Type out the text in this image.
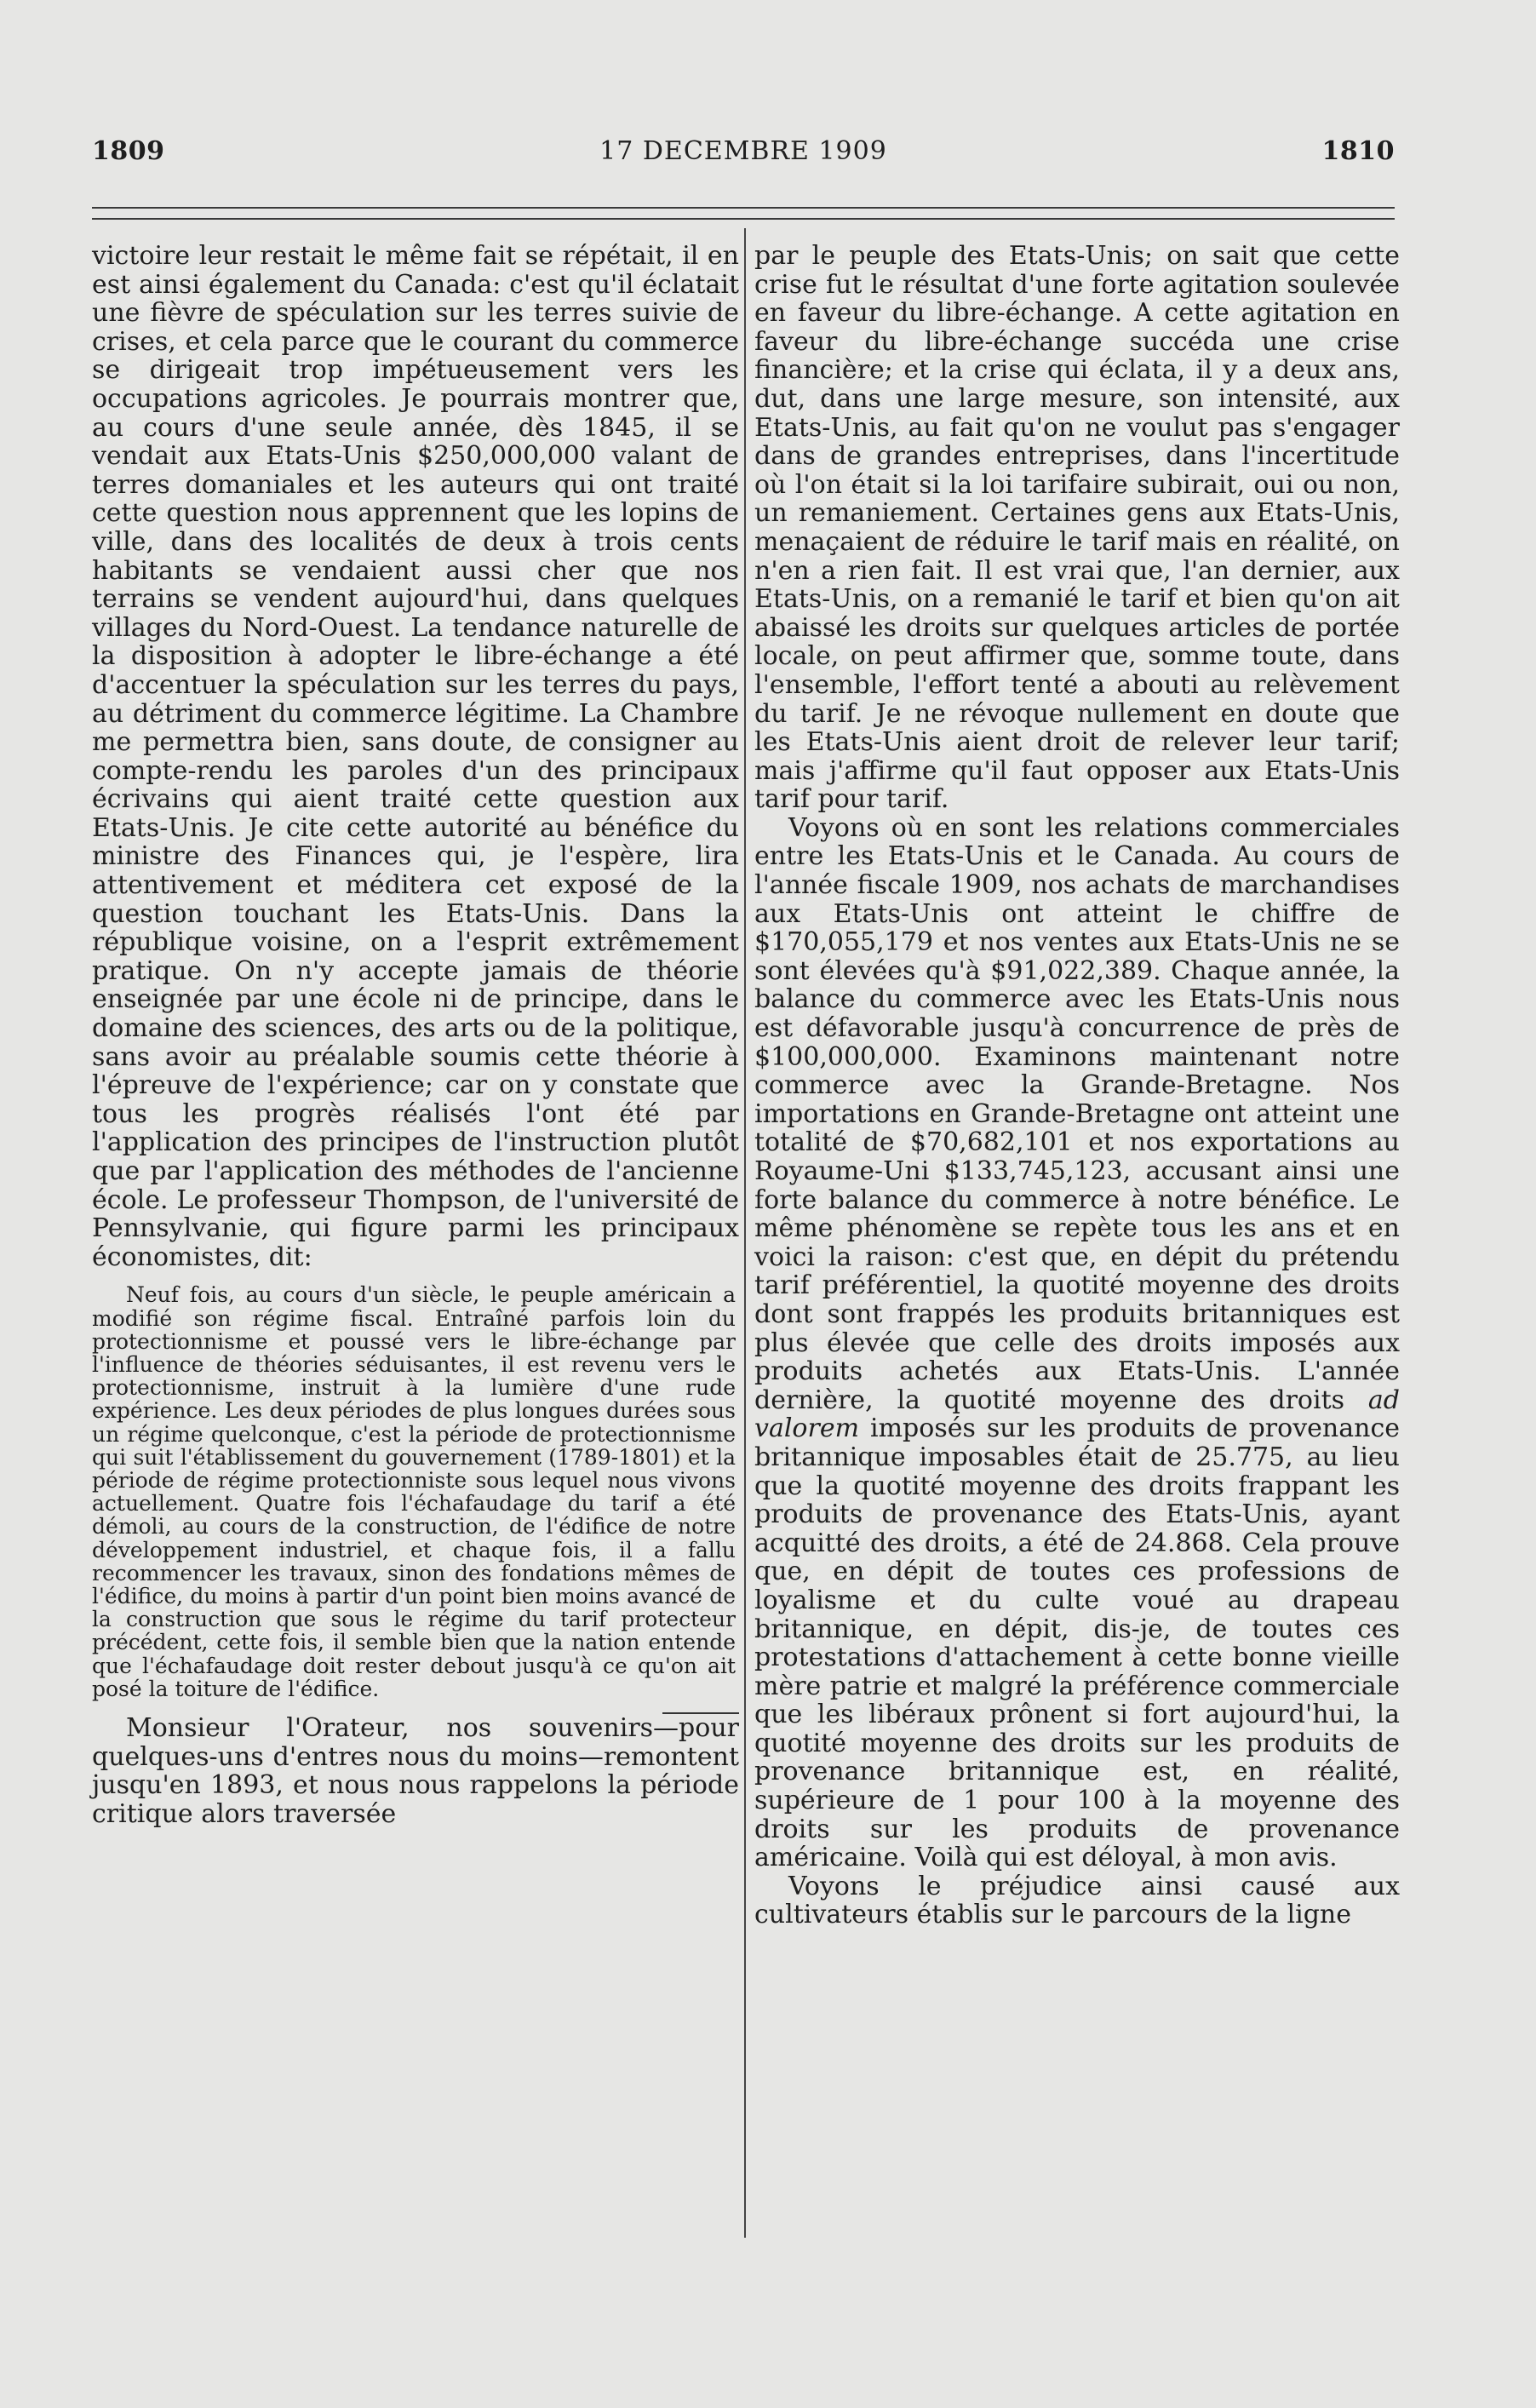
1809	17 DECEMBRE 1909	1810

victoire leur restait le même fait se répétait, il en est ainsi également du Canada: c'est qu'il éclatait une fièvre de spéculation sur les terres suivie de crises, et cela parce que le courant du commerce se dirigeait trop impétueusement vers les occupations agricoles. Je pourrais montrer que, au cours d'une seule année, dès 1845, il se vendait aux Etats-Unis $250,000,000 valant de terres domaniales et les auteurs qui ont traité cette question nous apprennent que les lopins de ville, dans des localités de deux à trois cents habitants se vendaient aussi cher que nos terrains se vendent aujourd'hui, dans quelques villages du Nord-Ouest. La tendance naturelle de la disposition à adopter le libre-échange a été d'accentuer la spéculation sur les terres du pays, au détriment du commerce légitime. La Chambre me permettra bien, sans doute, de consigner au compte-rendu les paroles d'un des principaux écrivains qui aient traité cette question aux Etats-Unis. Je cite cette autorité au bénéfice du ministre des Finances qui, je l'espère, lira attentivement et méditera cet exposé de la question touchant les Etats-Unis. Dans la république voisine, on a l'esprit extrêmement pratique. On n'y accepte jamais de théorie enseignée par une école ni de principe, dans le domaine des sciences, des arts ou de la politique, sans avoir au préalable soumis cette théorie à l'épreuve de l'expérience; car on y constate que tous les progrès réalisés l'ont été par l'application des principes de l'instruction plutôt que par l'application des méthodes de l'ancienne école. Le professeur Thompson, de l'université de Pennsylvanie, qui figure parmi les principaux économistes, dit:

Neuf fois, au cours d'un siècle, le peuple américain a modifié son régime fiscal. Entraîné parfois loin du protectionnisme et poussé vers le libre-échange par l'influence de théories séduisantes, il est revenu vers le protectionnisme, instruit à la lumière d'une rude expérience. Les deux périodes de plus longues durées sous un régime quelconque, c'est la période de protectionnisme qui suit l'établissement du gouvernement (1789-1801) et la période de régime protectionniste sous lequel nous vivons actuellement. Quatre fois l'échafaudage du tarif a été démoli, au cours de la construction, de l'édifice de notre développement industriel, et chaque fois, il a fallu recommencer les travaux, sinon des fondations mêmes de l'édifice, du moins à partir d'un point bien moins avancé de la construction que sous le régime du tarif protecteur précédent, cette fois, il semble bien que la nation entende que l'échafaudage doit rester debout jusqu'à ce qu'on ait posé la toiture de l'édifice.

Monsieur l'Orateur, nos souvenirs—pour quelques-uns d'entres nous du moins—remontent jusqu'en 1893, et nous nous rappelons la période critique alors traversée

par le peuple des Etats-Unis; on sait que cette crise fut le résultat d'une forte agitation soulevée en faveur du libre-échange. A cette agitation en faveur du libre-échange succéda une crise financière; et la crise qui éclata, il y a deux ans, dut, dans une large mesure, son intensité, aux Etats-Unis, au fait qu'on ne voulut pas s'engager dans de grandes entreprises, dans l'incertitude où l'on était si la loi tarifaire subirait, oui ou non, un remaniement. Certaines gens aux Etats-Unis, menaçaient de réduire le tarif mais en réalité, on n'en a rien fait. Il est vrai que, l'an dernier, aux Etats-Unis, on a remanié le tarif et bien qu'on ait abaissé les droits sur quelques articles de portée locale, on peut affirmer que, somme toute, dans l'ensemble, l'effort tenté a abouti au relèvement du tarif. Je ne révoque nullement en doute que les Etats-Unis aient droit de relever leur tarif; mais j'affirme qu'il faut opposer aux Etats-Unis tarif pour tarif.

Voyons où en sont les relations commerciales entre les Etats-Unis et le Canada. Au cours de l'année fiscale 1909, nos achats de marchandises aux Etats-Unis ont atteint le chiffre de $170,055,179 et nos ventes aux Etats-Unis ne se sont élevées qu'à $91,022,389. Chaque année, la balance du commerce avec les Etats-Unis nous est défavorable jusqu'à concurrence de près de $100,000,000. Examinons maintenant notre commerce avec la Grande-Bretagne. Nos importations en Grande-Bretagne ont atteint une totalité de $70,682,101 et nos exportations au Royaume-Uni $133,745,123, accusant ainsi une forte balance du commerce à notre bénéfice. Le même phénomène se repète tous les ans et en voici la raison: c'est que, en dépit du prétendu tarif préférentiel, la quotité moyenne des droits dont sont frappés les produits britanniques est plus élevée que celle des droits imposés aux produits achetés aux Etats-Unis. L'année dernière, la quotité moyenne des droits ad valorem imposés sur les produits de provenance britannique imposables était de 25.775, au lieu que la quotité moyenne des droits frappant les produits de provenance des Etats-Unis, ayant acquitté des droits, a été de 24.868. Cela prouve que, en dépit de toutes ces professions de loyalisme et du culte voué au drapeau britannique, en dépit, dis-je, de toutes ces protestations d'attachement à cette bonne vieille mère patrie et malgré la préférence commerciale que les libéraux prônent si fort aujourd'hui, la quotité moyenne des droits sur les produits de provenance britannique est, en réalité, supérieure de 1 pour 100 à la moyenne des droits sur les produits de provenance américaine. Voilà qui est déloyal, à mon avis.

Voyons le préjudice ainsi causé aux cultivateurs établis sur le parcours de la ligne
